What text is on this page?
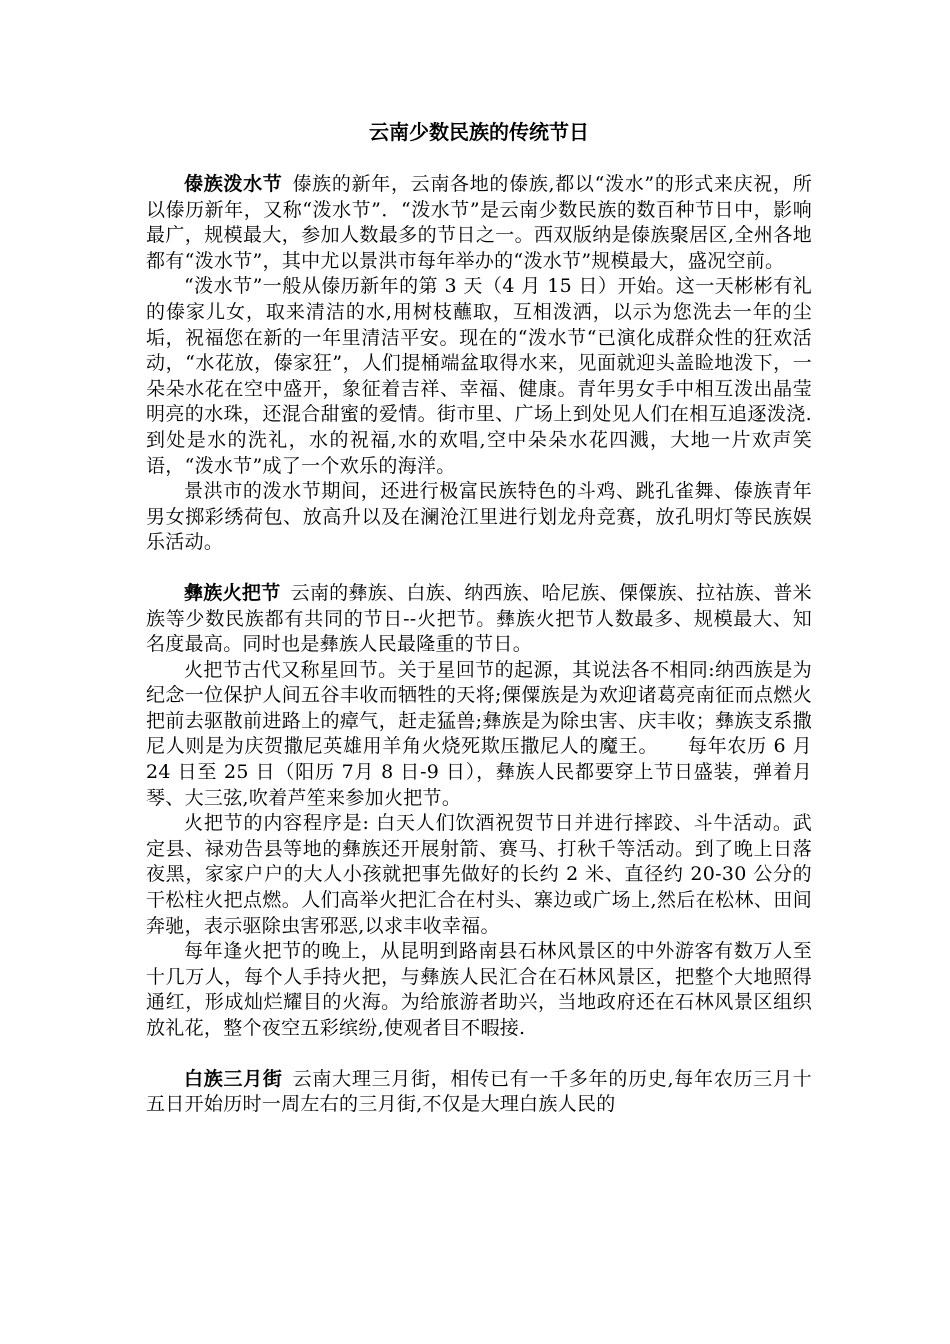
云南少数民族的传统节日

傣族泼水节 傣族的新年，云南各地的傣族,都以“泼水”的形式来庆祝，所以傣历新年，又称“泼水节”．“泼水节”是云南少数民族的数百种节日中，影响最广，规模最大，参加人数最多的节日之一。西双版纳是傣族聚居区,全州各地都有“泼水节”，其中尤以景洪市每年举办的“泼水节”规模最大，盛况空前。

“泼水节”一般从傣历新年的第 3 天（4 月 15 日）开始。这一天彬彬有礼的傣家儿女，取来清洁的水,用树枝蘸取，互相泼洒，以示为您洗去一年的尘垢，祝福您在新的一年里清洁平安。现在的“泼水节“已演化成群众性的狂欢活动，“水花放，傣家狂”，人们提桶端盆取得水来，见面就迎头盖睑地泼下，一朵朵水花在空中盛开，象征着吉祥、幸福、健康。青年男女手中相互泼出晶莹明亮的水珠，还混合甜蜜的爱情。街市里、广场上到处见人们在相互追逐泼浇.到处是水的洗礼，水的祝福,水的欢唱,空中朵朵水花四溅，大地一片欢声笑语，“泼水节”成了一个欢乐的海洋。

景洪市的泼水节期间，还进行极富民族特色的斗鸡、跳孔雀舞、傣族青年男女掷彩绣荷包、放高升以及在澜沧江里进行划龙舟竞赛，放孔明灯等民族娱乐活动。

彝族火把节 云南的彝族、白族、纳西族、哈尼族、傈僳族、拉祜族、普米族等少数民族都有共同的节日--火把节。彝族火把节人数最多、规模最大、知名度最高。同时也是彝族人民最隆重的节日。

火把节古代又称星回节。关于星回节的起源，其说法各不相同:纳西族是为纪念一位保护人间五谷丰收而牺牲的天将;傈僳族是为欢迎诸葛亮南征而点燃火把前去驱散前进路上的瘴气，赶走猛兽;彝族是为除虫害、庆丰收；彝族支系撒尼人则是为庆贺撒尼英雄用羊角火烧死欺压撒尼人的魔王。　　每年农历 6 月 24 日至 25 日（阳历 7月 8 日-9 日），彝族人民都要穿上节日盛装，弹着月琴、大三弦,吹着芦笙来参加火把节。

火把节的内容程序是: 白天人们饮酒祝贺节日并进行摔跤、斗牛活动。武定县、禄劝告县等地的彝族还开展射箭、赛马、打秋千等活动。到了晚上日落夜黑，家家户户的大人小孩就把事先做好的长约 2 米、直径约 20-30 公分的干松柱火把点燃。人们高举火把汇合在村头、寨边或广场上,然后在松林、田间奔驰，表示驱除虫害邪恶,以求丰收幸福。

每年逢火把节的晚上，从昆明到路南县石林风景区的中外游客有数万人至十几万人，每个人手持火把，与彝族人民汇合在石林风景区，把整个大地照得通红，形成灿烂耀目的火海。为给旅游者助兴，当地政府还在石林风景区组织放礼花，整个夜空五彩缤纷,使观者目不暇接.

白族三月街 云南大理三月街，相传已有一千多年的历史,每年农历三月十五日开始历时一周左右的三月街,不仅是大理白族人民的
